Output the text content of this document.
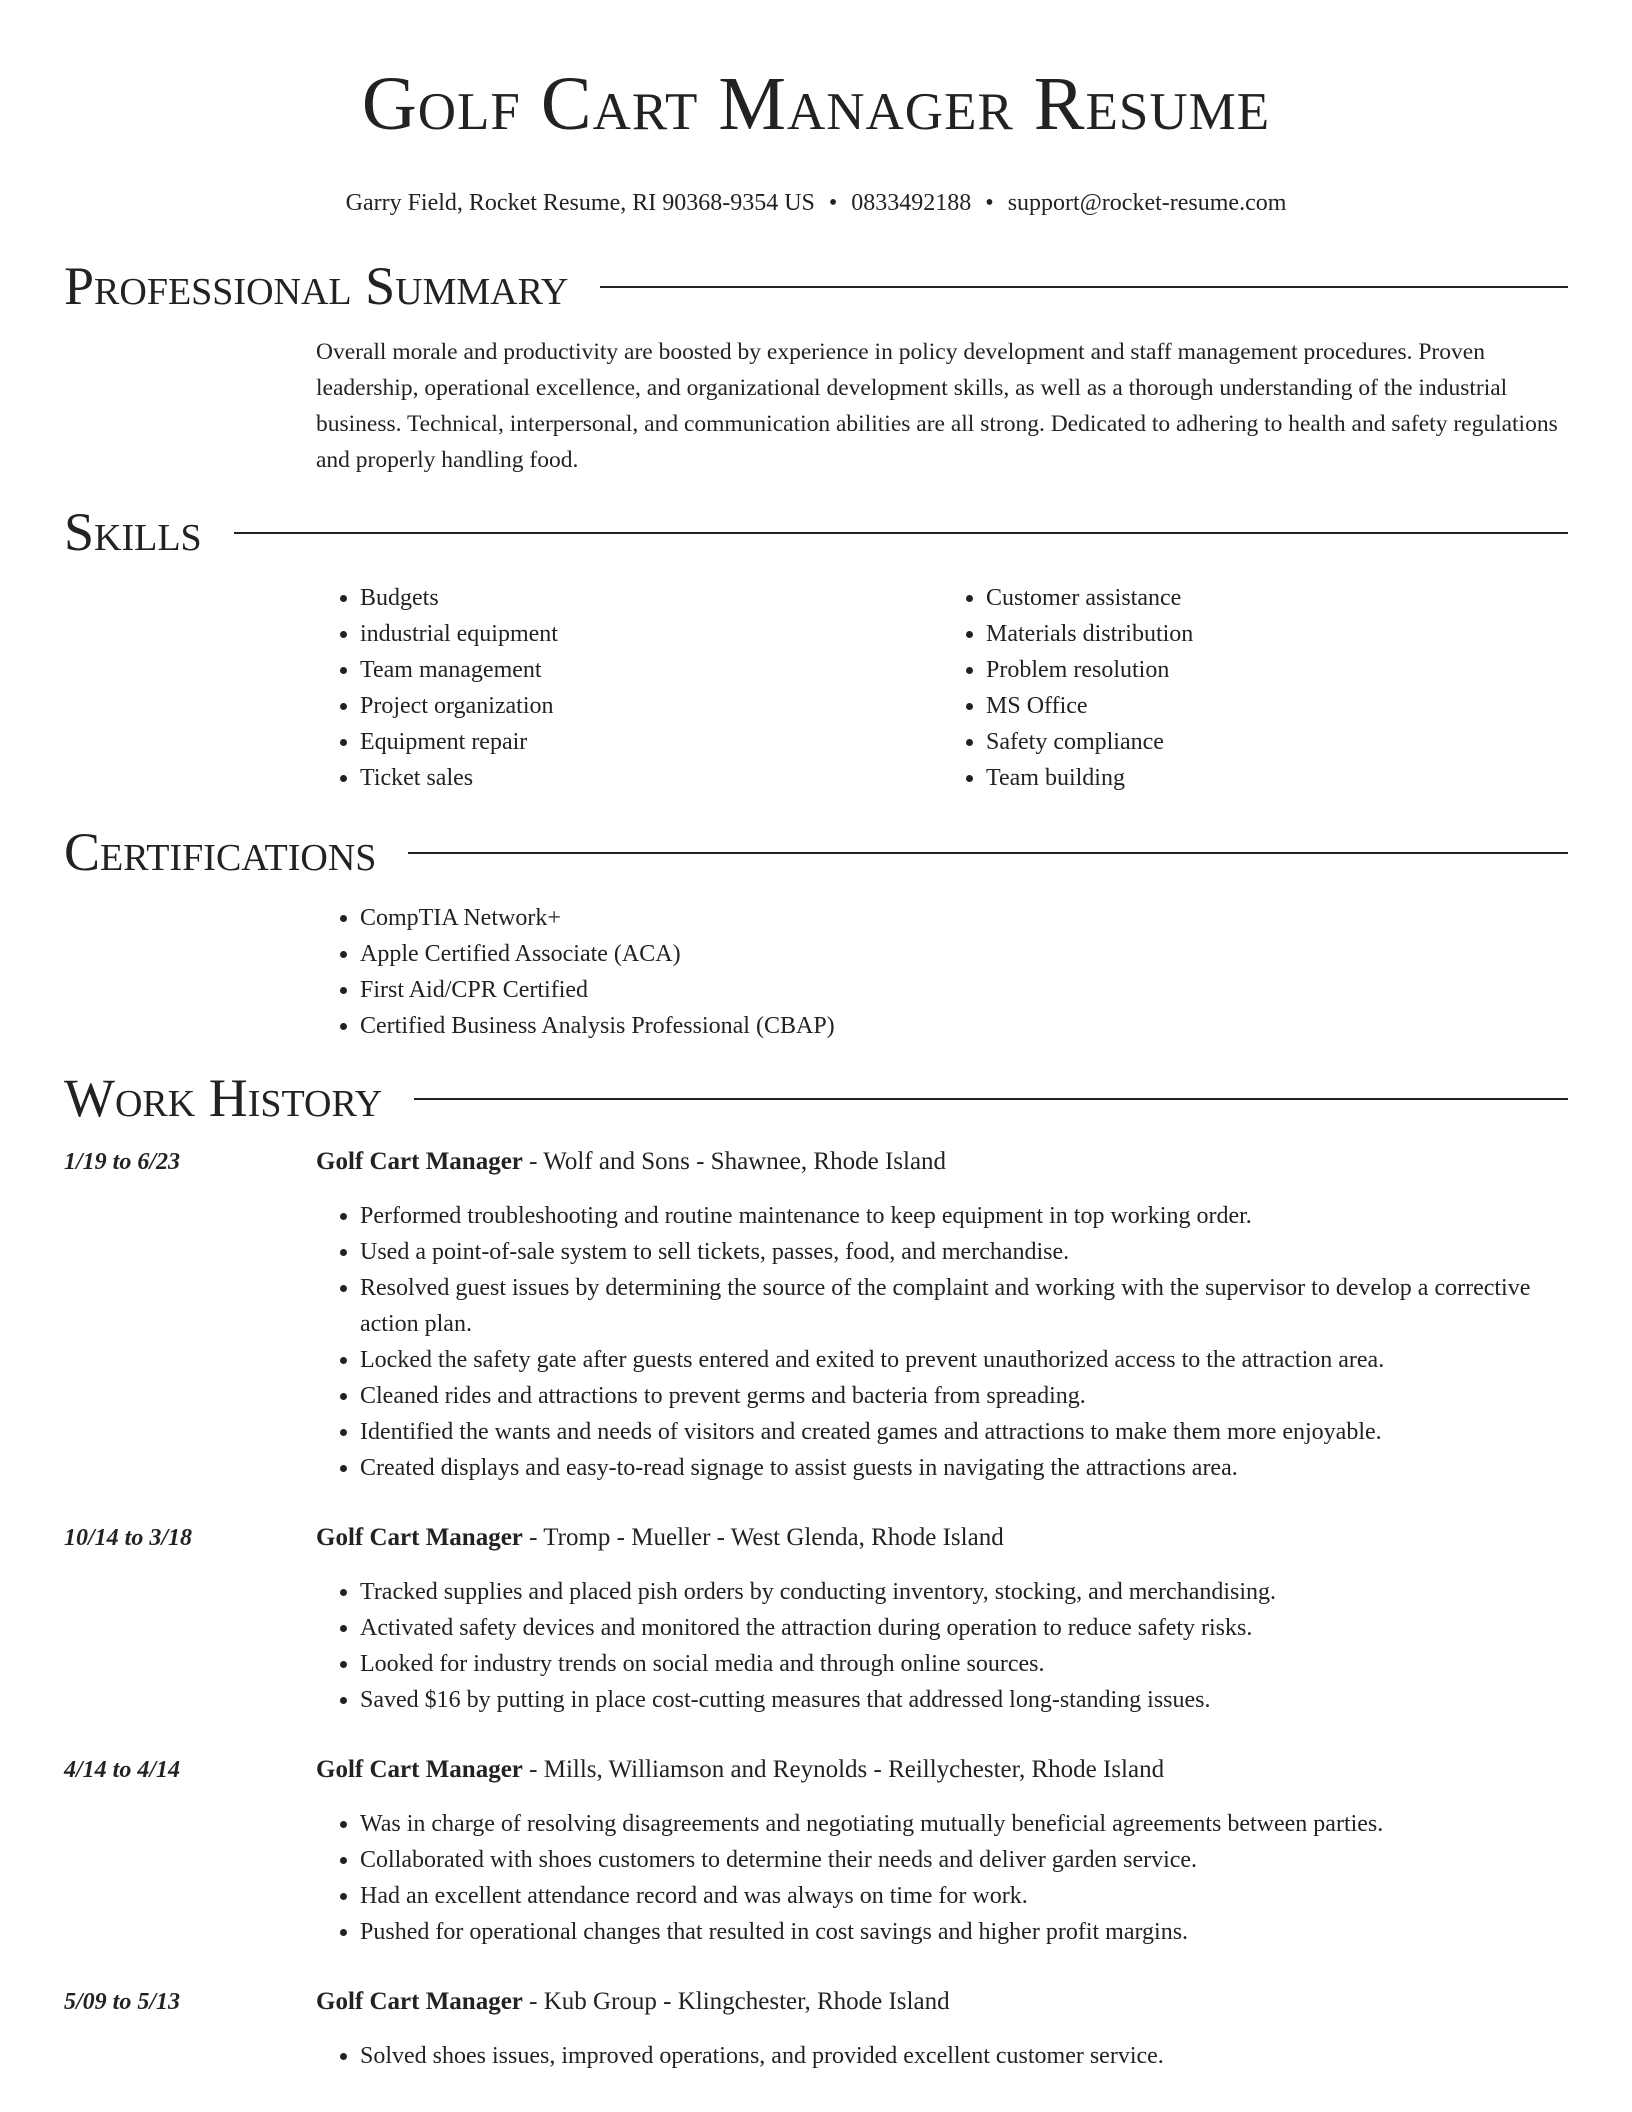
Golf Cart Manager Resume
Garry Field, Rocket Resume, RI 90368-9354 US • 0833492188 • support@rocket-resume.com
Professional Summary

Overall morale and productivity are boosted by experience in policy development and staff management procedures. Proven leadership, operational excellence, and organizational development skills, as well as a thorough understanding of the industrial business. Technical, interpersonal, and communication abilities are all strong. Dedicated to adhering to health and safety regulations and properly handling food.

Skills
• Budgets
• industrial equipment
• Team management
• Project organization
• Equipment repair
• Ticket sales
• Customer assistance
• Materials distribution
• Problem resolution
• MS Office
• Safety compliance
• Team building
Certifications
• CompTIA Network+
• Apple Certified Associate (ACA)
• First Aid/CPR Certified
• Certified Business Analysis Professional (CBAP)
Work History
1/19 to 6/23	Golf Cart Manager - Wolf and Sons - Shawnee, Rhode Island
• Performed troubleshooting and routine maintenance to keep equipment in top working order.
• Used a point-of-sale system to sell tickets, passes, food, and merchandise.
• Resolved guest issues by determining the source of the complaint and working with the supervisor to develop a corrective action plan.
• Locked the safety gate after guests entered and exited to prevent unauthorized access to the attraction area.
• Cleaned rides and attractions to prevent germs and bacteria from spreading.
• Identified the wants and needs of visitors and created games and attractions to make them more enjoyable.
• Created displays and easy-to-read signage to assist guests in navigating the attractions area.
10/14 to 3/18	Golf Cart Manager - Tromp - Mueller - West Glenda, Rhode Island
• Tracked supplies and placed pish orders by conducting inventory, stocking, and merchandising.
• Activated safety devices and monitored the attraction during operation to reduce safety risks.
• Looked for industry trends on social media and through online sources.
• Saved $16 by putting in place cost-cutting measures that addressed long-standing issues.
4/14 to 4/14	Golf Cart Manager - Mills, Williamson and Reynolds - Reillychester, Rhode Island
• Was in charge of resolving disagreements and negotiating mutually beneficial agreements between parties.
• Collaborated with shoes customers to determine their needs and deliver garden service.
• Had an excellent attendance record and was always on time for work.
• Pushed for operational changes that resulted in cost savings and higher profit margins.
5/09 to 5/13	Golf Cart Manager - Kub Group - Klingchester, Rhode Island
• Solved shoes issues, improved operations, and provided excellent customer service.
